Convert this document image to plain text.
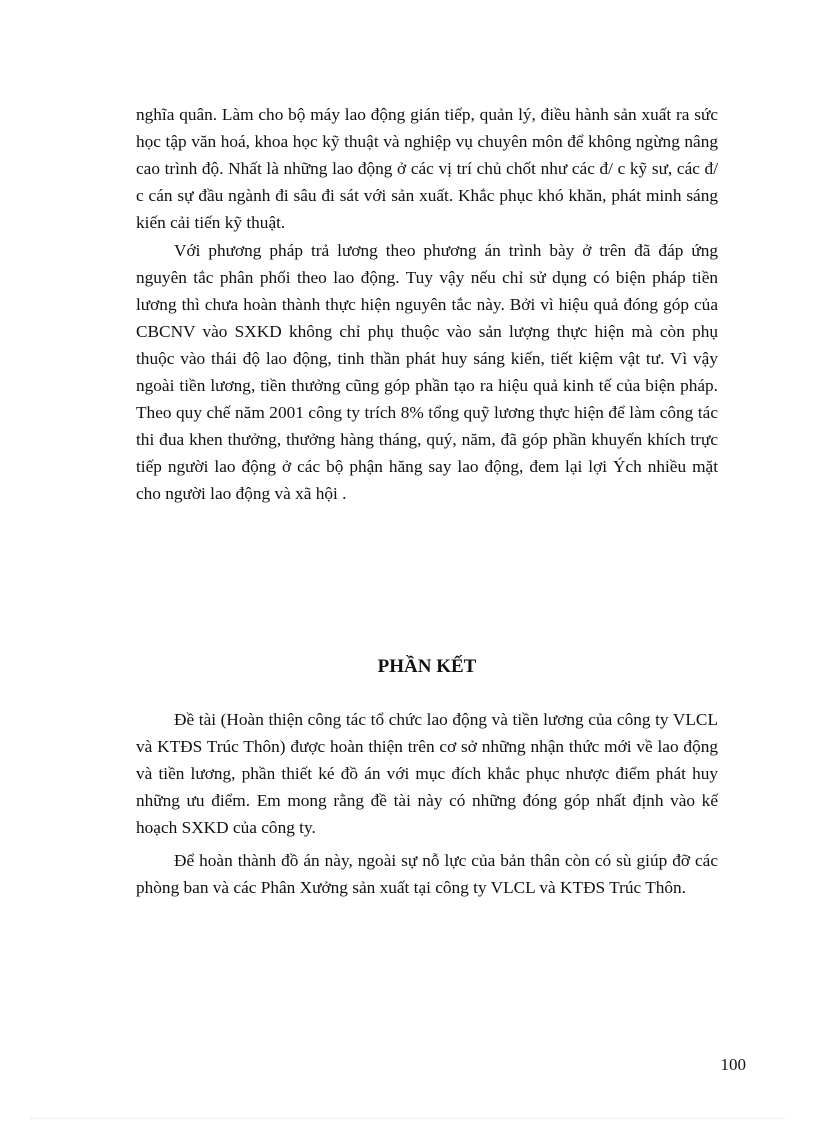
nghĩa quân. Làm cho bộ máy lao động gián tiếp, quản lý, điều hành sản xuất ra sức học tập văn hoá, khoa học kỹ thuật và nghiệp vụ chuyên môn để không ngừng nâng cao trình độ. Nhất là những lao động ở các vị trí chủ chốt như các đ/ c kỹ sư, các đ/ c cán sự đầu ngành đi sâu đi sát với sản xuất. Khắc phục khó khăn, phát minh sáng kiến cải tiến kỹ thuật.

Với phương pháp trả lương theo phương án trình bày ở trên đã đáp ứng nguyên tắc phân phối theo lao động. Tuy vậy nếu chỉ sử dụng có biện pháp tiền lương thì chưa hoàn thành thực hiện nguyên tắc này. Bởi vì hiệu quả đóng góp của CBCNV vào SXKD không chỉ phụ thuộc vào sản lượng thực hiện mà còn phụ thuộc vào thái độ lao động, tinh thần phát huy sáng kiến, tiết kiệm vật tư. Vì vậy ngoài tiền lương, tiền thưởng cũng góp phần tạo ra hiệu quả kinh tế của biện pháp. Theo quy chế năm 2001 công ty trích 8% tổng quỹ lương thực hiện để làm công tác thi đua khen thưởng, thưởng hàng tháng, quý, năm, đã góp phần khuyến khích trực tiếp người lao động ở các bộ phận hăng say lao động, đem lại lợi Ých nhiều mặt cho người lao động và xã hội .

PHẦN KẾT

Đề tài (Hoàn thiện công tác tổ chức lao động và tiền lương của công ty VLCL và KTĐS Trúc Thôn) được hoàn thiện trên cơ sở những nhận thức mới về lao động và tiền lương, phần thiết ké đồ án với mục đích khắc phục nhược điểm phát huy những ưu điểm. Em mong rằng đề tài này có những đóng góp nhất định vào kế hoạch SXKD của công ty.

Để hoàn thành đồ án này, ngoài sự nỗ lực của bản thân còn có sù giúp đỡ các phòng ban và các Phân Xưởng sản xuất tại công ty VLCL và KTĐS Trúc Thôn.

100
